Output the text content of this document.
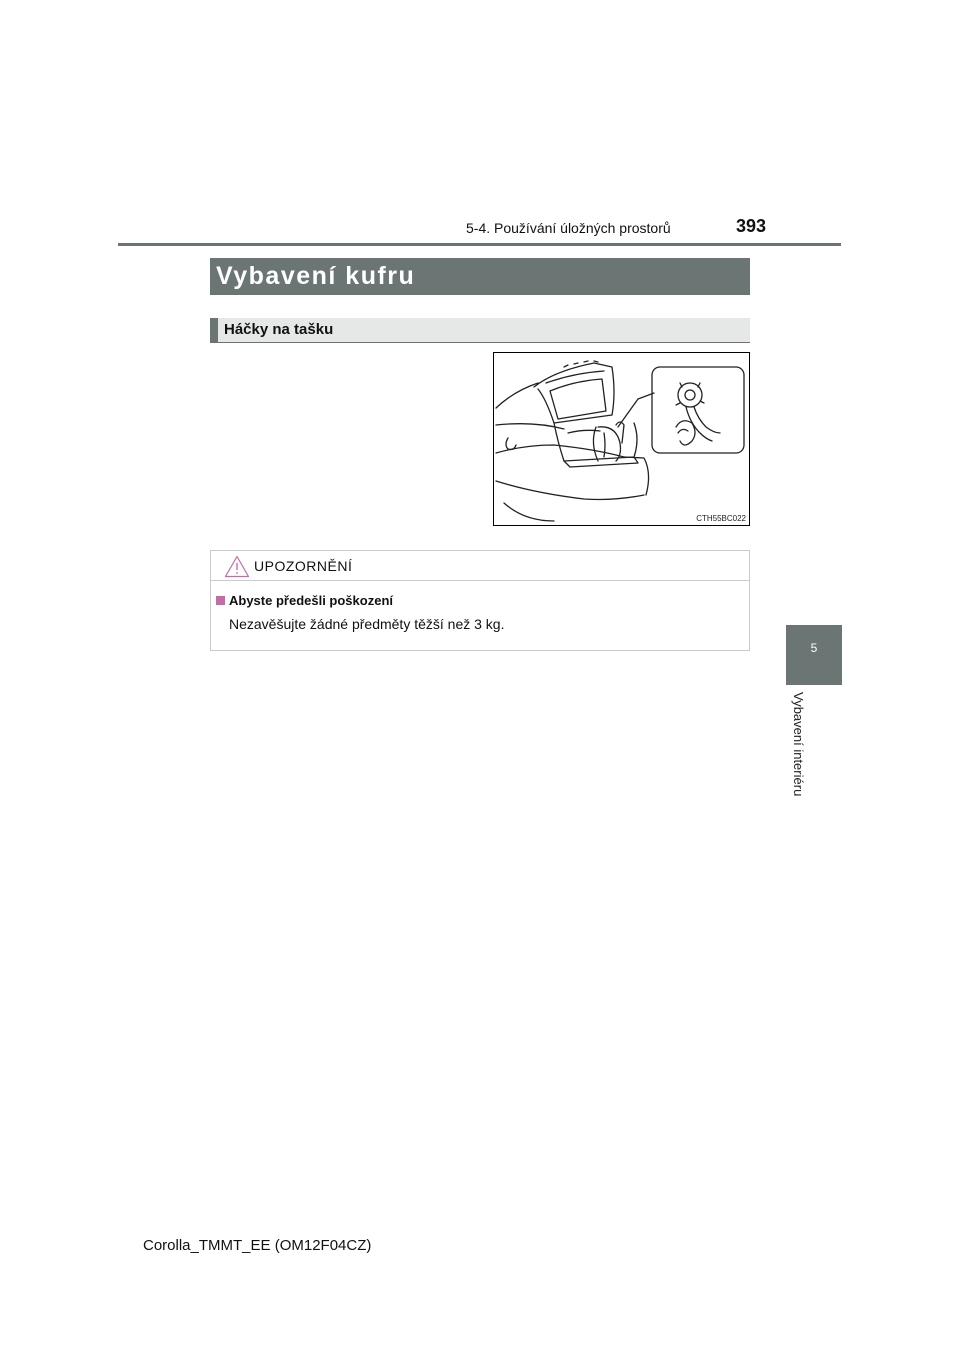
5-4. Používání úložných prostorů	393
5
Vybavení interiéru
Vybavení kufru
Háčky na tašku
CTH55BC022
UPOZORNĚNÍ
Abyste předešli poškození
Nezavěšujte žádné předměty těžší než 3 kg.
Corolla_TMMT_EE (OM12F04CZ)
